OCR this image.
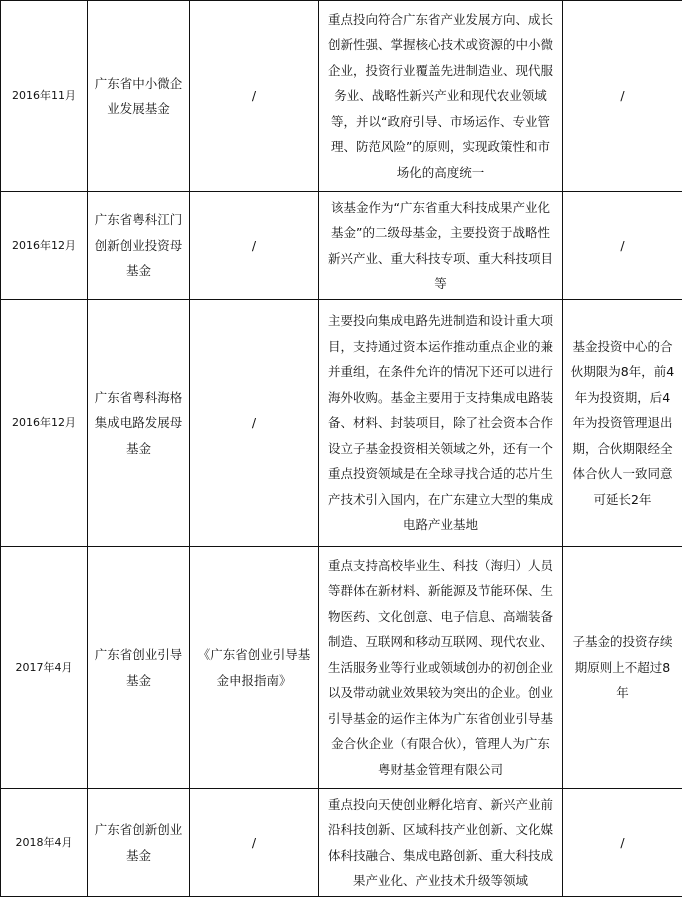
2016年11月	广东省中小微企业发展基金	/	重点投向符合广东省产业发展方向、成长创新性强、掌握核心技术或资源的中小微企业，投资行业覆盖先进制造业、现代服务业、战略性新兴产业和现代农业领域等，并以“政府引导、市场运作、专业管理、防范风险”的原则，实现政策性和市场化的高度统一	/
2016年12月	广东省粤科江门创新创业投资母基金	/	该基金作为“广东省重大科技成果产业化基金”的二级母基金，主要投资于战略性新兴产业、重大科技专项、重大科技项目等	/
2016年12月	广东省粤科海格集成电路发展母基金	/	主要投向集成电路先进制造和设计重大项目，支持通过资本运作推动重点企业的兼并重组，在条件允许的情况下还可以进行海外收购。基金主要用于支持集成电路装备、材料、封装项目，除了社会资本合作设立子基金投资相关领域之外，还有一个重点投资领域是在全球寻找合适的芯片生产技术引入国内，在广东建立大型的集成电路产业基地	基金投资中心的合伙期限为8年，前4年为投资期，后4年为投资管理退出期，合伙期限经全体合伙人一致同意可延长2年
2017年4月	广东省创业引导基金	《广东省创业引导基金申报指南》	重点支持高校毕业生、科技（海归）人员等群体在新材料、新能源及节能环保、生物医药、文化创意、电子信息、高端装备制造、互联网和移动互联网、现代农业、生活服务业等行业或领域创办的初创企业以及带动就业效果较为突出的企业。创业引导基金的运作主体为广东省创业引导基金合伙企业（有限合伙），管理人为广东粤财基金管理有限公司	子基金的投资存续期原则上不超过8年
2018年4月	广东省创新创业基金	/	重点投向天使创业孵化培育、新兴产业前沿科技创新、区域科技产业创新、文化媒体科技融合、集成电路创新、重大科技成果产业化、产业技术升级等领域	/
